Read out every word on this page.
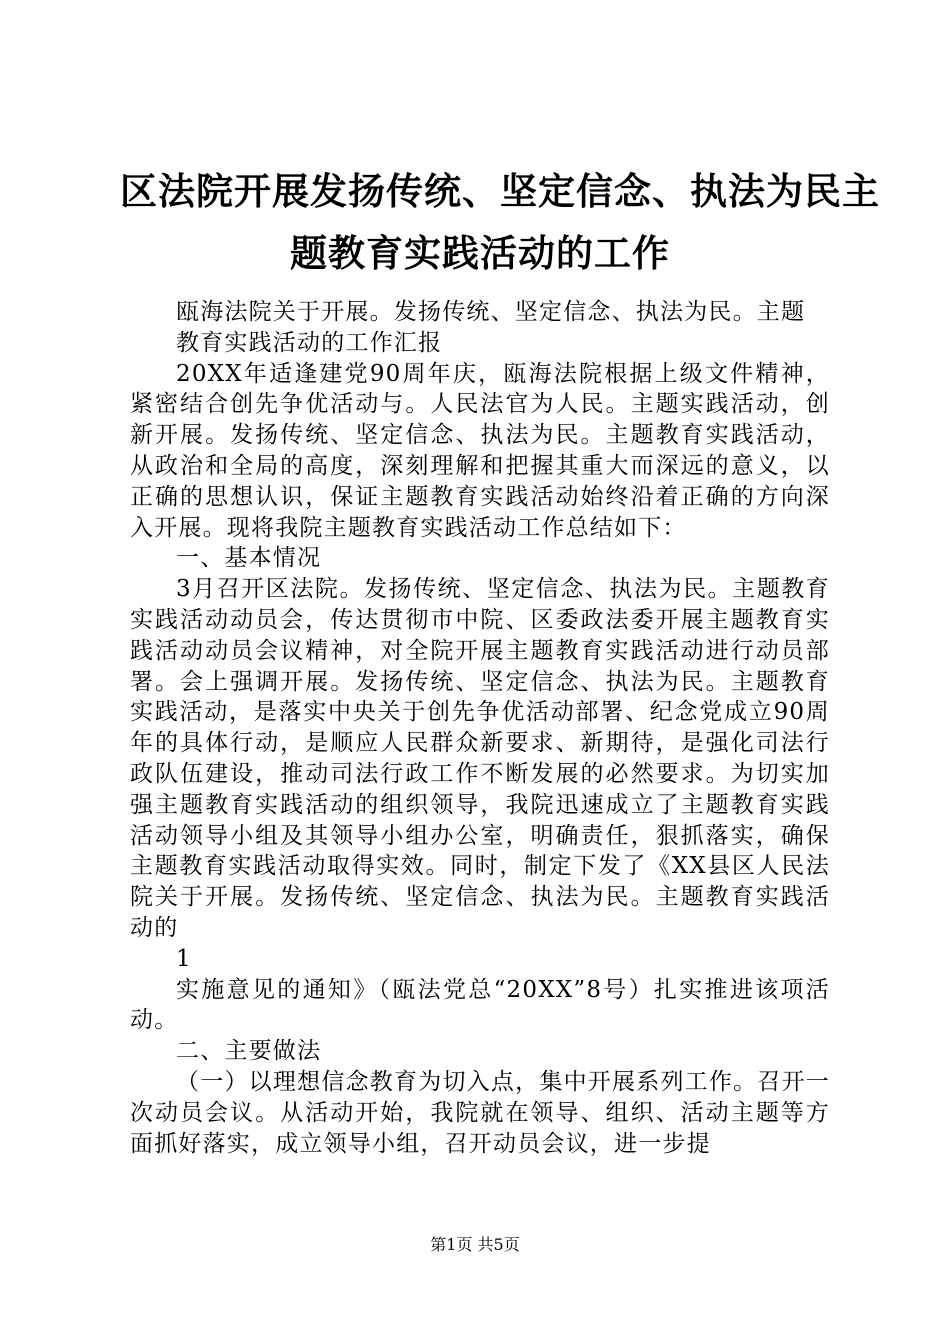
区法院开展发扬传统、坚定信念、执法为民主
题教育实践活动的工作

瓯海法院关于开展。发扬传统、坚定信念、执法为民。主题

教育实践活动的工作汇报

20XX年适逢建党90周年庆，瓯海法院根据上级文件精神，紧密结合创先争优活动与。人民法官为人民。主题实践活动，创新开展。发扬传统、坚定信念、执法为民。主题教育实践活动，从政治和全局的高度，深刻理解和把握其重大而深远的意义，以正确的思想认识，保证主题教育实践活动始终沿着正确的方向深入开展。现将我院主题教育实践活动工作总结如下：

一、基本情况

3月召开区法院。发扬传统、坚定信念、执法为民。主题教育实践活动动员会，传达贯彻市中院、区委政法委开展主题教育实践活动动员会议精神，对全院开展主题教育实践活动进行动员部署。会上强调开展。发扬传统、坚定信念、执法为民。主题教育实践活动，是落实中央关于创先争优活动部署、纪念党成立90周年的具体行动，是顺应人民群众新要求、新期待，是强化司法行政队伍建设，推动司法行政工作不断发展的必然要求。为切实加强主题教育实践活动的组织领导，我院迅速成立了主题教育实践活动领导小组及其领导小组办公室，明确责任，狠抓落实，确保主题教育实践活动取得实效。同时，制定下发了《XX县区人民法院关于开展。发扬传统、坚定信念、执法为民。主题教育实践活动的

1

实施意见的通知》（瓯法党总“20XX”8号）扎实推进该项活动。

二、主要做法

（一）以理想信念教育为切入点，集中开展系列工作。召开一次动员会议。从活动开始，我院就在领导、组织、活动主题等方面抓好落实，成立领导小组，召开动员会议，进一步提

第1页 共5页
